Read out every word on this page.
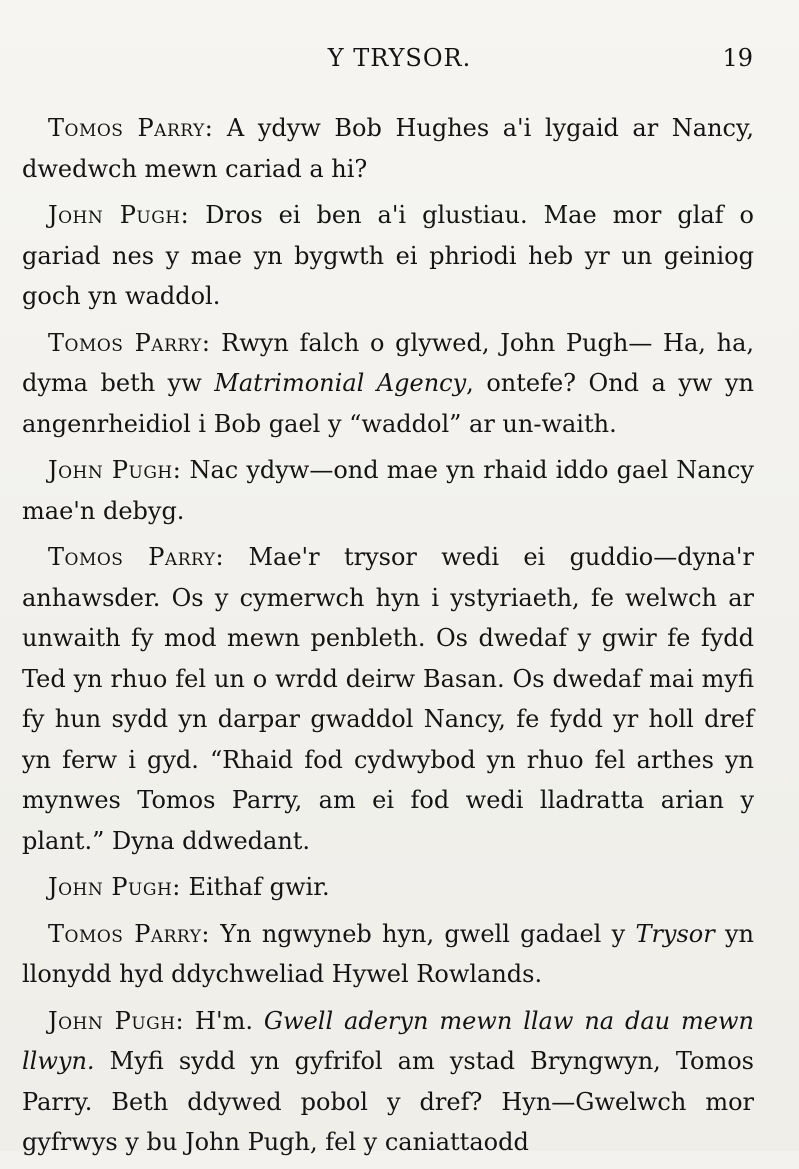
Y TRYSOR.	19

Tomos Parry: A ydyw Bob Hughes a'i lygaid ar Nancy, dwedwch mewn cariad a hi?

John Pugh: Dros ei ben a'i glustiau. Mae mor glaf o gariad nes y mae yn bygwth ei phriodi heb yr un geiniog goch yn waddol.

Tomos Parry: Rwyn falch o glywed, John Pugh— Ha, ha, dyma beth yw Matrimonial Agency, ontefe? Ond a yw yn angenrheidiol i Bob gael y “waddol” ar un-waith.

John Pugh: Nac ydyw—ond mae yn rhaid iddo gael Nancy mae'n debyg.

Tomos Parry: Mae'r trysor wedi ei guddio—dyna'r anhawsder. Os y cymerwch hyn i ystyriaeth, fe welwch ar unwaith fy mod mewn penbleth. Os dwedaf y gwir fe fydd Ted yn rhuo fel un o wrdd deirw Basan. Os dwedaf mai myfi fy hun sydd yn darpar gwaddol Nancy, fe fydd yr holl dref yn ferw i gyd. “Rhaid fod cydwybod yn rhuo fel arthes yn mynwes Tomos Parry, am ei fod wedi lladratta arian y plant.” Dyna ddwedant.

John Pugh: Eithaf gwir.

Tomos Parry: Yn ngwyneb hyn, gwell gadael y Trysor yn llonydd hyd ddychweliad Hywel Rowlands.

John Pugh: H'm. Gwell aderyn mewn llaw na dau mewn llwyn. Myfi sydd yn gyfrifol am ystad Bryngwyn, Tomos Parry. Beth ddywed pobol y dref? Hyn—Gwelwch mor gyfrwys y bu John Pugh, fel y caniattaodd
